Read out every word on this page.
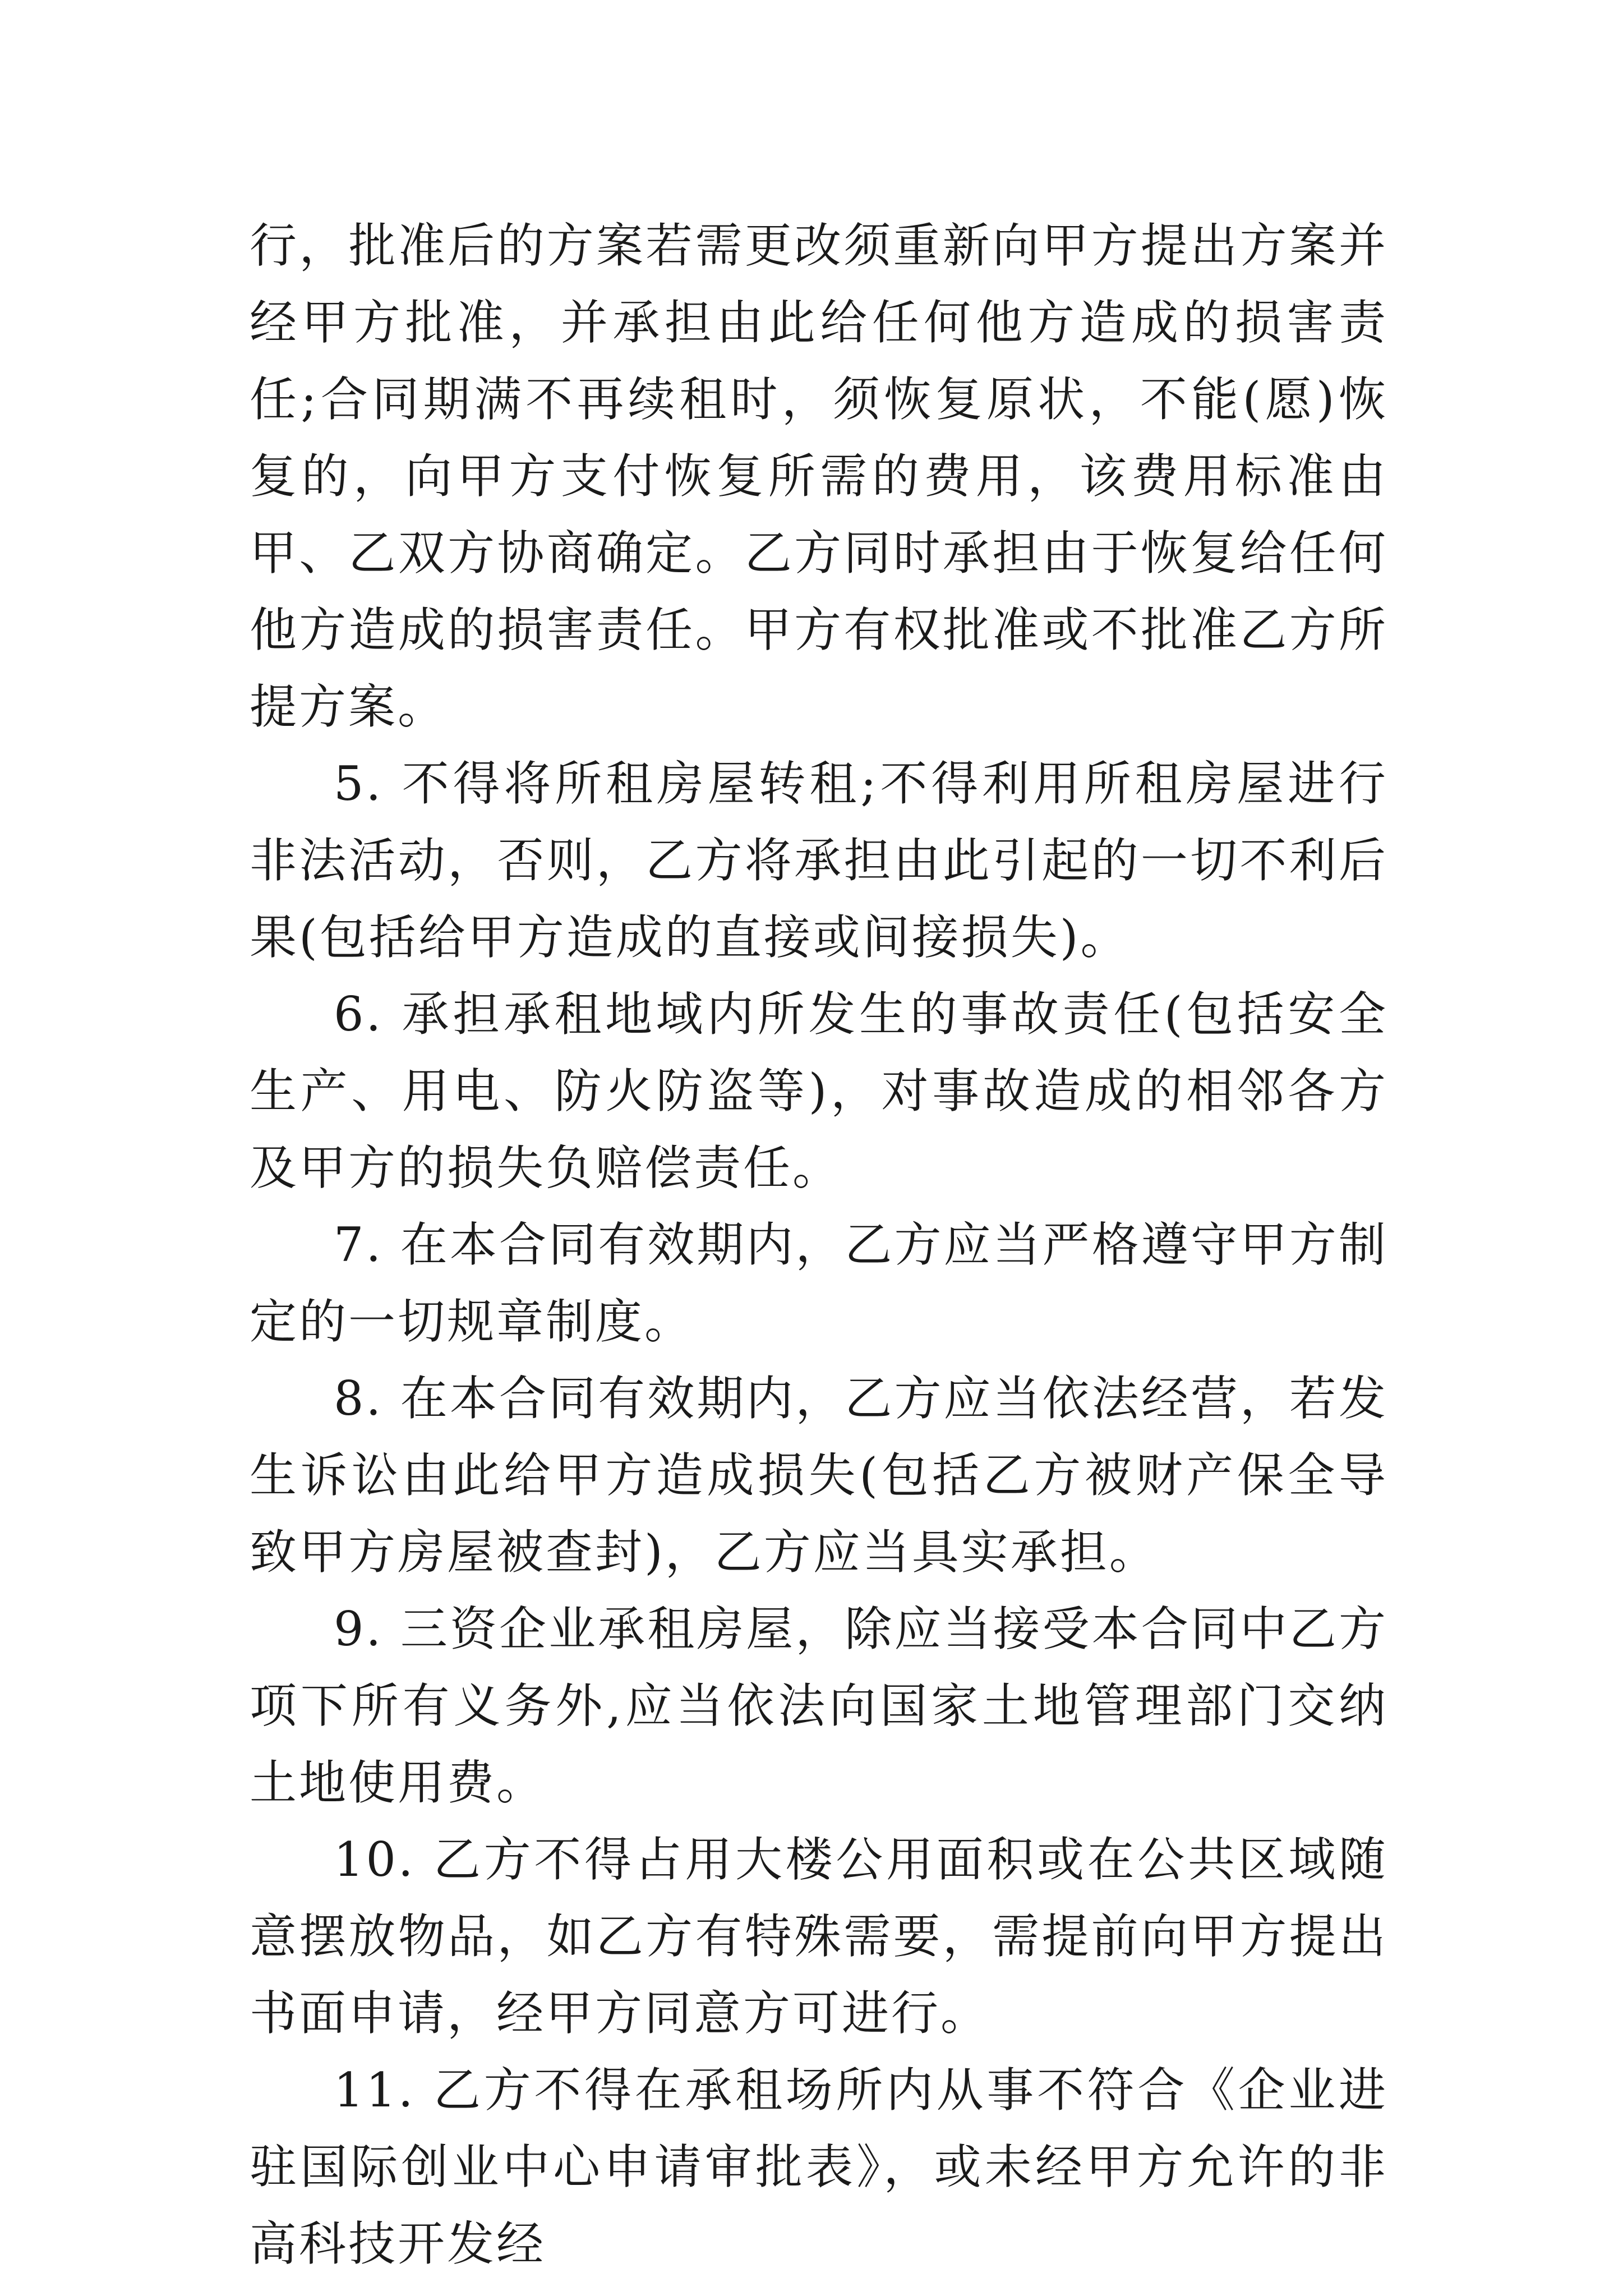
行，批准后的方案若需更改须重新向甲方提出方案并经甲方批准，并承担由此给任何他方造成的损害责任;合同期满不再续租时，须恢复原状，不能(愿)恢复的，向甲方支付恢复所需的费用，该费用标准由甲、乙双方协商确定。乙方同时承担由于恢复给任何他方造成的损害责任。甲方有权批准或不批准乙方所提方案。

5. 不得将所租房屋转租;不得利用所租房屋进行非法活动，否则，乙方将承担由此引起的一切不利后果(包括给甲方造成的直接或间接损失)。

6. 承担承租地域内所发生的事故责任(包括安全生产、用电、防火防盗等)，对事故造成的相邻各方及甲方的损失负赔偿责任。

7. 在本合同有效期内，乙方应当严格遵守甲方制定的一切规章制度。

8. 在本合同有效期内，乙方应当依法经营，若发生诉讼由此给甲方造成损失(包括乙方被财产保全导致甲方房屋被查封)，乙方应当具实承担。

9. 三资企业承租房屋，除应当接受本合同中乙方项下所有义务外,应当依法向国家土地管理部门交纳土地使用费。

10. 乙方不得占用大楼公用面积或在公共区域随意摆放物品，如乙方有特殊需要，需提前向甲方提出书面申请，经甲方同意方可进行。

11. 乙方不得在承租场所内从事不符合《企业进驻国际创业中心申请审批表》，或未经甲方允许的非高科技开发经
